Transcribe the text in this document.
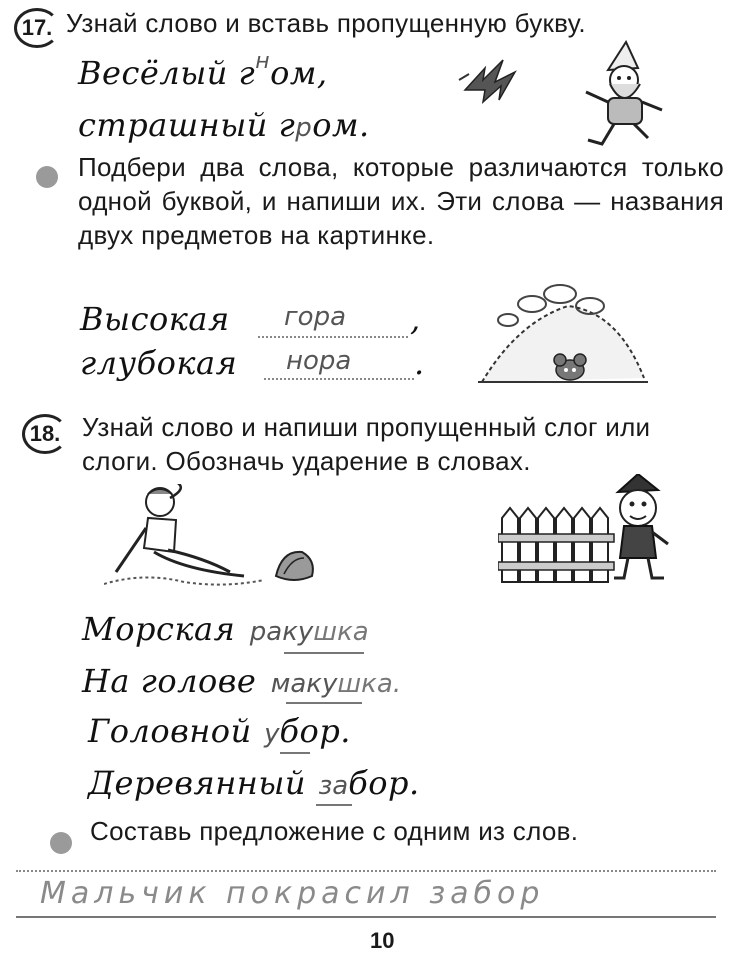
17. Узнай слово и вставь пропущенную букву.
Весёлый $г^ном$,
страшный гром.
Подбери два слова, которые различаются только одной буквой, и напиши их. Эти слова — названия двух предметов на картинке.
Высокая гора ,
глубокая нора .
18. Узнай слово и напиши пропущенный слог или слоги. Обозначь ударение в словах.
Морская ракушка
На голове макушка.
Головной убор.
Деревянный забор.
Составь предложение с одним из слов.
Мальчик покрасил забор
10
